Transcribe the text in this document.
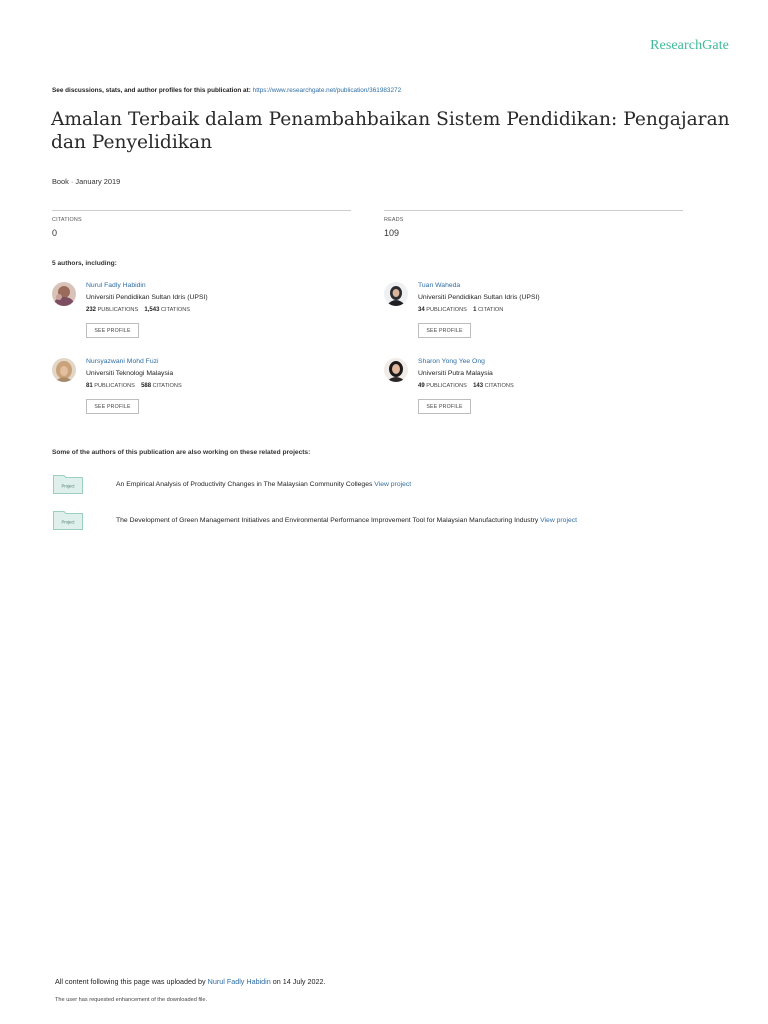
ResearchGate
See discussions, stats, and author profiles for this publication at: https://www.researchgate.net/publication/361983272
Amalan Terbaik dalam Penambahbaikan Sistem Pendidikan: Pengajaran dan Penyelidikan
Book · January 2019
CITATIONS
0
READS
109
5 authors, including:
Nurul Fadly Habidin
Universiti Pendidikan Sultan Idris (UPSI)
232 PUBLICATIONS 1,543 CITATIONS
SEE PROFILE
Tuan Waheda
Universiti Pendidikan Sultan Idris (UPSI)
34 PUBLICATIONS 1 CITATION
SEE PROFILE
Nursyazwani Mohd Fuzi
Universiti Teknologi Malaysia
81 PUBLICATIONS 588 CITATIONS
SEE PROFILE
Sharon Yong Yee Ong
Universiti Putra Malaysia
49 PUBLICATIONS 143 CITATIONS
SEE PROFILE
Some of the authors of this publication are also working on these related projects:
Project	An Empirical Analysis of Productivity Changes in The Malaysian Community Colleges View project
Project	The Development of Green Management Initiatives and Environmental Performance Improvement Tool for Malaysian Manufacturing Industry View project
All content following this page was uploaded by Nurul Fadly Habidin on 14 July 2022.
The user has requested enhancement of the downloaded file.
